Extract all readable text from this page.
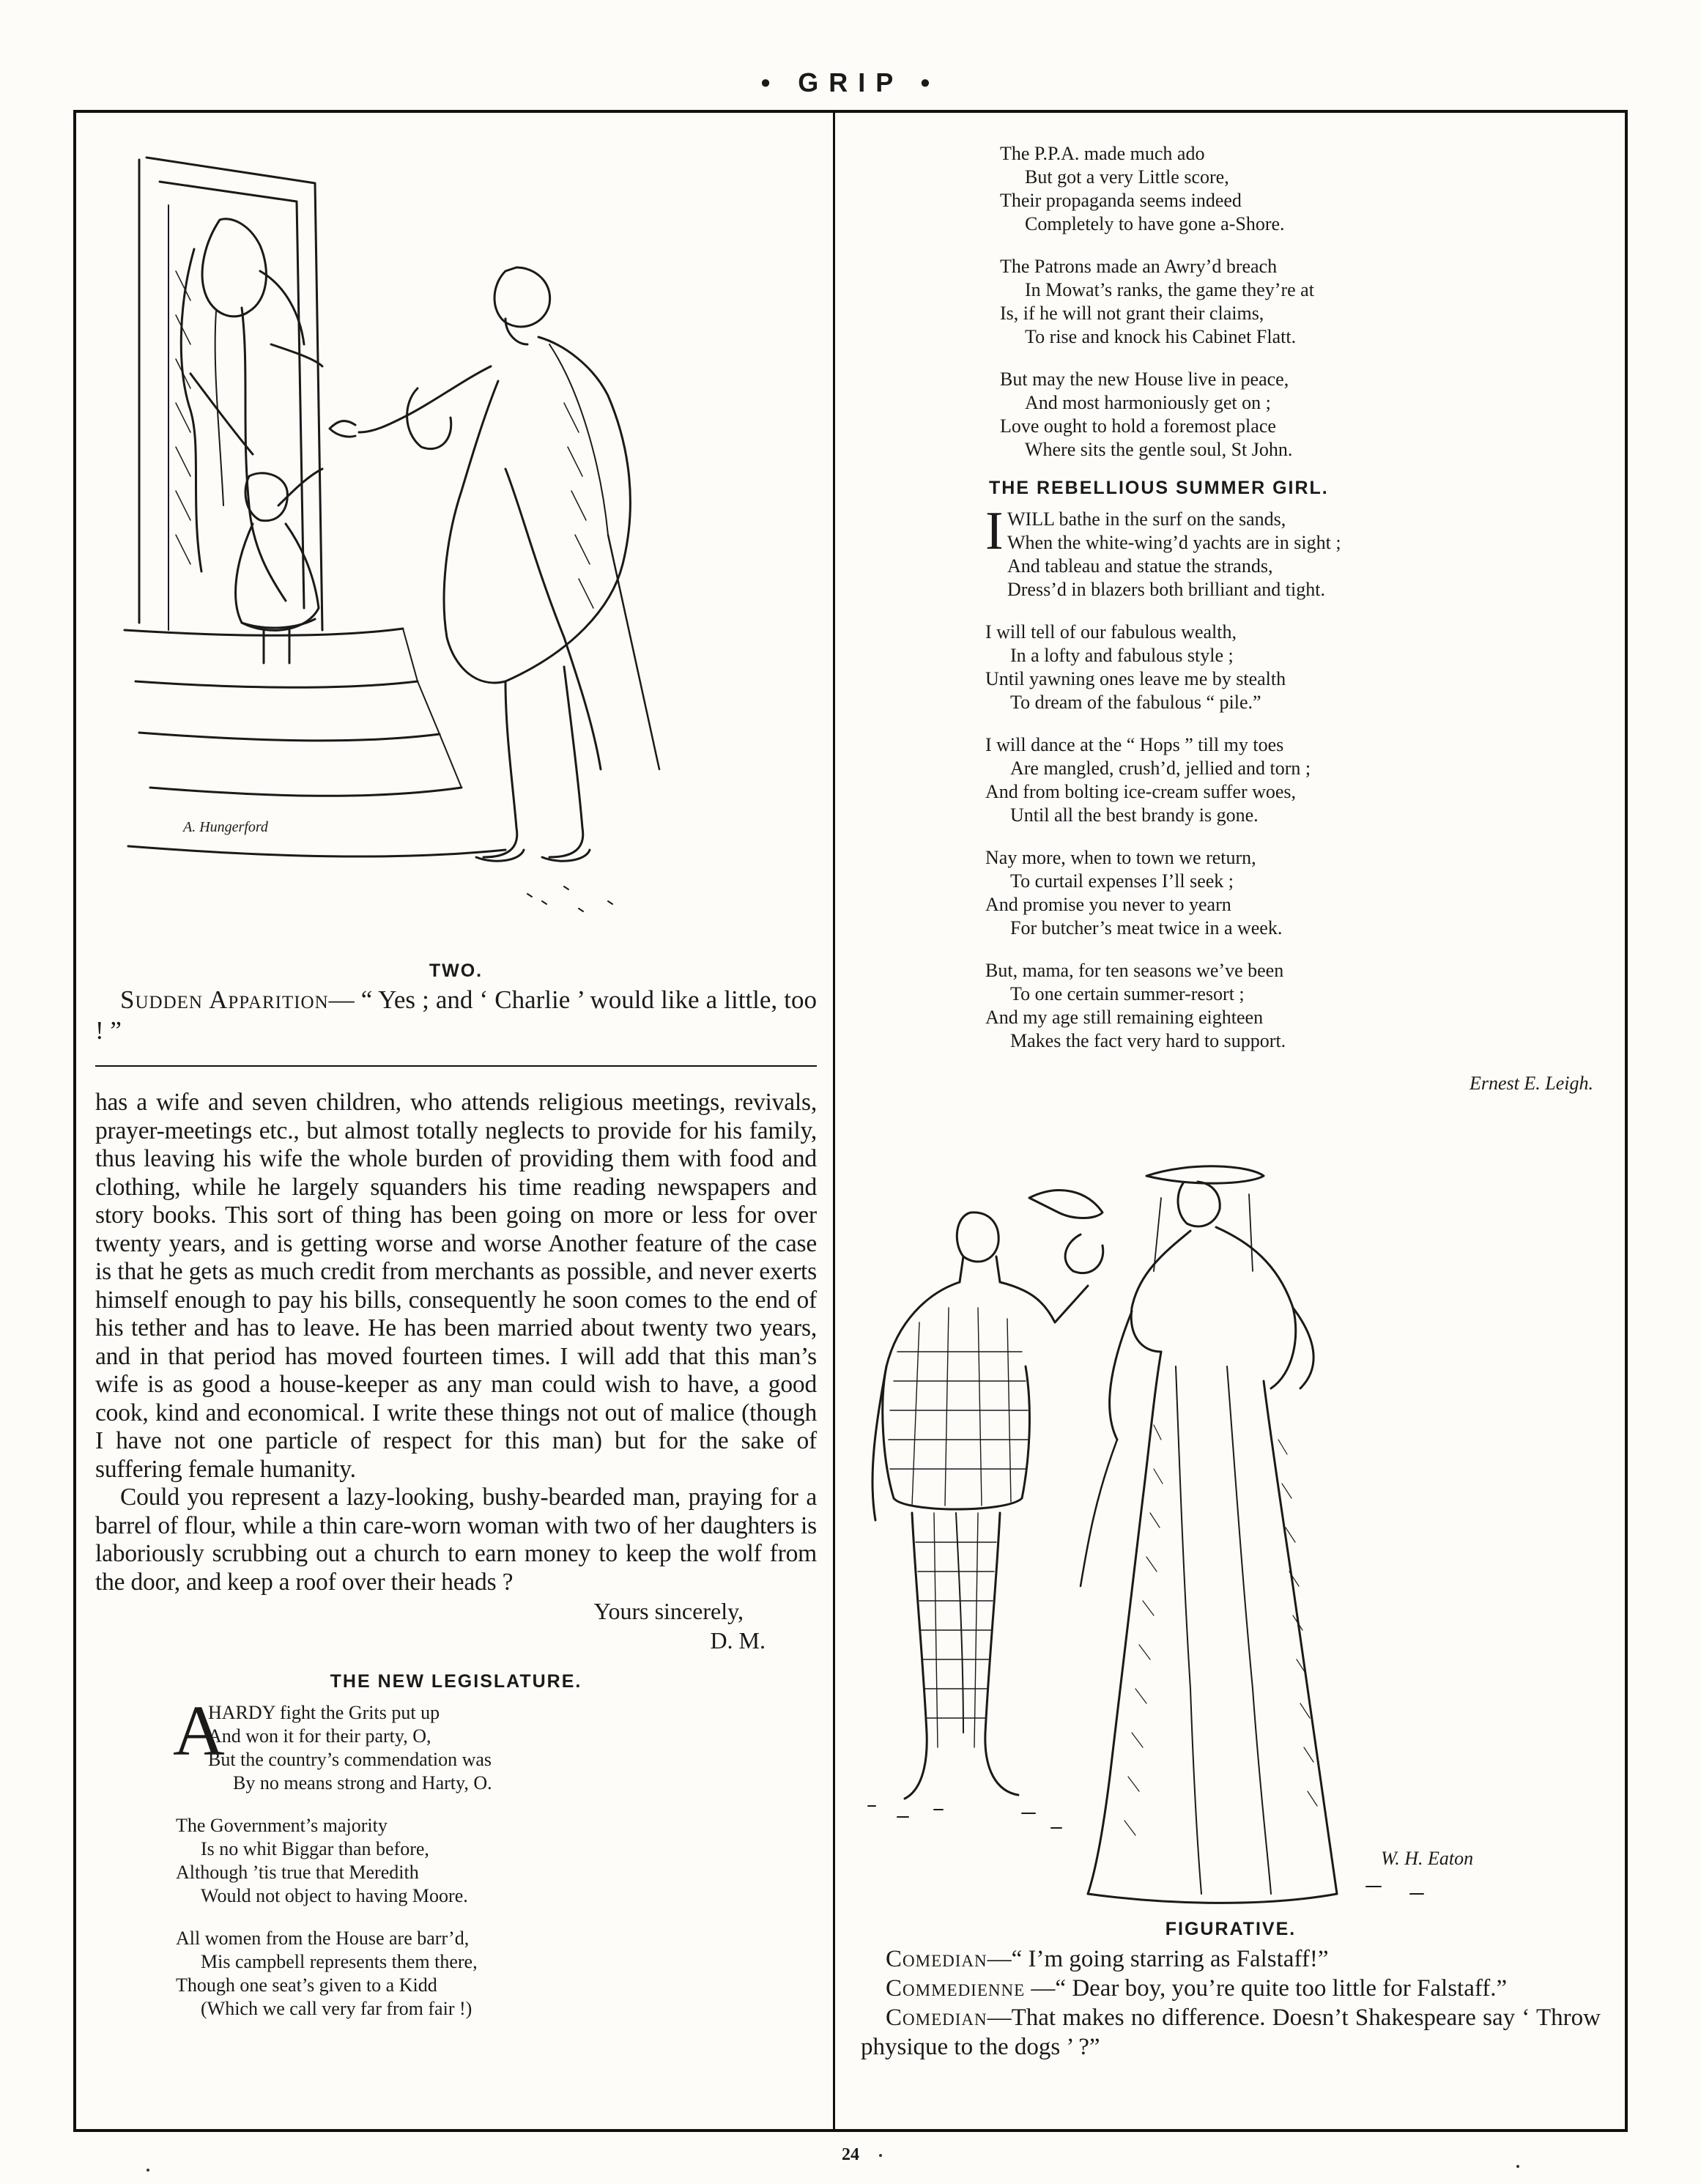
• GRIP •
A. Hungerford
TWO.

Sudden Apparition— “ Yes ; and ‘ Charlie ’ would like a little, too ! ”

has a wife and seven children, who attends religious meetings, revivals, prayer-meetings etc., but almost totally neglects to provide for his family, thus leaving his wife the whole burden of providing them with food and clothing, while he largely squanders his time reading newspapers and story books. This sort of thing has been going on more or less for over twenty years, and is getting worse and worse Another feature of the case is that he gets as much credit from merchants as possible, and never exerts himself enough to pay his bills, consequently he soon comes to the end of his tether and has to leave. He has been married about twenty two years, and in that period has moved fourteen times. I will add that this man’s wife is as good a house-keeper as any man could wish to have, a good cook, kind and economical. I write these things not out of malice (though I have not one particle of respect for this man) but for the sake of suffering female humanity.

Could you represent a lazy-looking, bushy-bearded man, praying for a barrel of flour, while a thin care-worn woman with two of her daughters is laboriously scrubbing out a church to earn money to keep the wolf from the door, and keep a roof over their heads ?

Yours sincerely,
D. M.
THE NEW LEGISLATURE.
A
HARDY fight the Grits put up
And won it for their party, O,
But the country’s commendation was
By no means strong and Harty, O.
The Government’s majority
Is no whit Biggar than before,
Although ’tis true that Meredith
Would not object to having Moore.
All women from the House are barr’d,
Mis campbell represents them there,
Though one seat’s given to a Kidd
(Which we call very far from fair !)
The P.P.A. made much ado
But got a very Little score,
Their propaganda seems indeed
Completely to have gone a-Shore.
The Patrons made an Awry’d breach
In Mowat’s ranks, the game they’re at
Is, if he will not grant their claims,
To rise and knock his Cabinet Flatt.
But may the new House live in peace,
And most harmoniously get on ;
Love ought to hold a foremost place
Where sits the gentle soul, St John.
THE REBELLIOUS SUMMER GIRL.
I WILL bathe in the surf on the sands,
When the white-wing’d yachts are in sight ;
And tableau and statue the strands,
Dress’d in blazers both brilliant and tight.
I will tell of our fabulous wealth,
In a lofty and fabulous style ;
Until yawning ones leave me by stealth
To dream of the fabulous “ pile.”
I will dance at the “ Hops ” till my toes
Are mangled, crush’d, jellied and torn ;
And from bolting ice-cream suffer woes,
Until all the best brandy is gone.
Nay more, when to town we return,
To curtail expenses I’ll seek ;
And promise you never to yearn
For butcher’s meat twice in a week.
But, mama, for ten seasons we’ve been
To one certain summer-resort ;
And my age still remaining eighteen
Makes the fact very hard to support.
Ernest E. Leigh.
W. H. Eaton
FIGURATIVE.
Comedian—“ I’m going starring as Falstaff!”
Commedienne —“ Dear boy, you’re quite too little for Falstaff.”
Comedian—That makes no difference. Doesn’t Shakespeare say ‘ Throw physique to the dogs ’ ?”
24
